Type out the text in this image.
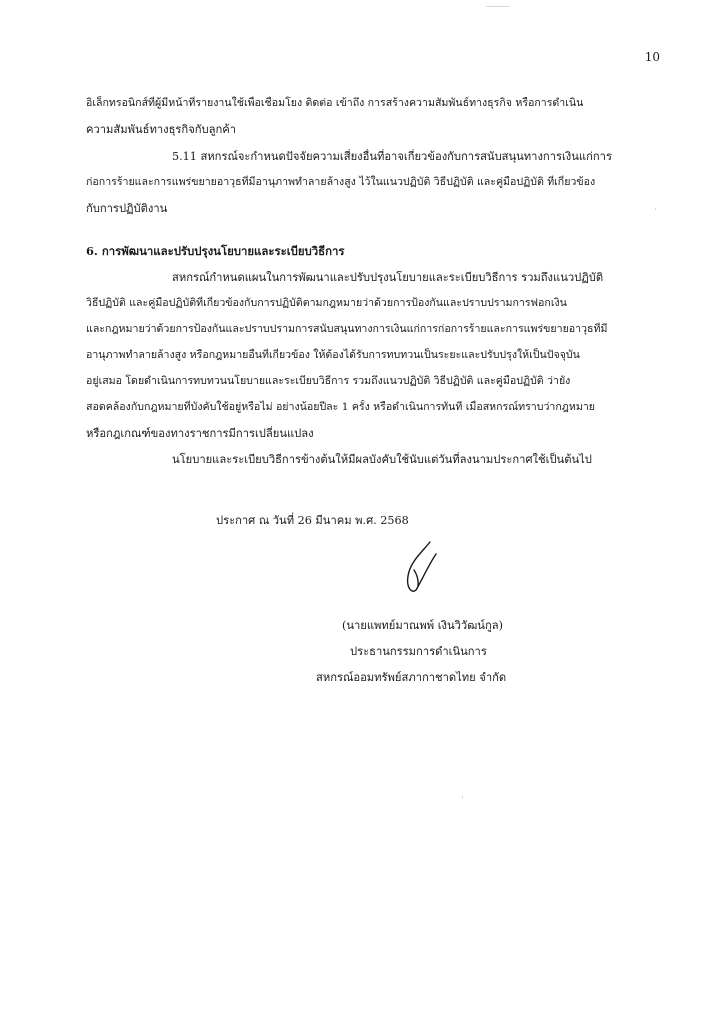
10
อิเล็กทรอนิกส์ที่ผู้มีหน้าที่รายงานใช้เพื่อเชื่อมโยง ติดต่อ เข้าถึง การสร้างความสัมพันธ์ทางธุรกิจ หรือการดำเนิน
ความสัมพันธ์ทางธุรกิจกับลูกค้า
5.11 สหกรณ์จะกำหนดปัจจัยความเสี่ยงอื่นที่อาจเกี่ยวข้องกับการสนับสนุนทางการเงินแก่การ
ก่อการร้ายและการแพร่ขยายอาวุธที่มีอานุภาพทำลายล้างสูง ไว้ในแนวปฏิบัติ วิธีปฏิบัติ และคู่มือปฏิบัติ ที่เกี่ยวข้อง
กับการปฏิบัติงาน
6. การพัฒนาและปรับปรุงนโยบายและระเบียบวิธีการ
สหกรณ์กำหนดแผนในการพัฒนาและปรับปรุงนโยบายและระเบียบวิธีการ รวมถึงแนวปฏิบัติ
วิธีปฏิบัติ และคู่มือปฏิบัติที่เกี่ยวข้องกับการปฏิบัติตามกฎหมายว่าด้วยการป้องกันและปราบปรามการฟอกเงิน
และกฎหมายว่าด้วยการป้องกันและปราบปรามการสนับสนุนทางการเงินแก่การก่อการร้ายและการแพร่ขยายอาวุธที่มี
อานุภาพทำลายล้างสูง หรือกฎหมายอื่นที่เกี่ยวข้อง ให้ต้องได้รับการทบทวนเป็นระยะและปรับปรุงให้เป็นปัจจุบัน
อยู่เสมอ โดยดำเนินการทบทวนนโยบายและระเบียบวิธีการ รวมถึงแนวปฏิบัติ วิธีปฏิบัติ และคู่มือปฏิบัติ ว่ายัง
สอดคล้องกับกฎหมายที่บังคับใช้อยู่หรือไม่ อย่างน้อยปีละ 1 ครั้ง หรือดำเนินการทันที เมื่อสหกรณ์ทราบว่ากฎหมาย
หรือกฎเกณฑ์ของทางราชการมีการเปลี่ยนแปลง
นโยบายและระเบียบวิธีการข้างต้นให้มีผลบังคับใช้นับแต่วันที่ลงนามประกาศใช้เป็นต้นไป
ประกาศ ณ วันที่ 26 มีนาคม พ.ศ. 2568
(นายแพทย์มาณพพ์ เงินวิวัฒน์กูล)
ประธานกรรมการดำเนินการ
สหกรณ์ออมทรัพย์สภากาชาดไทย จำกัด
